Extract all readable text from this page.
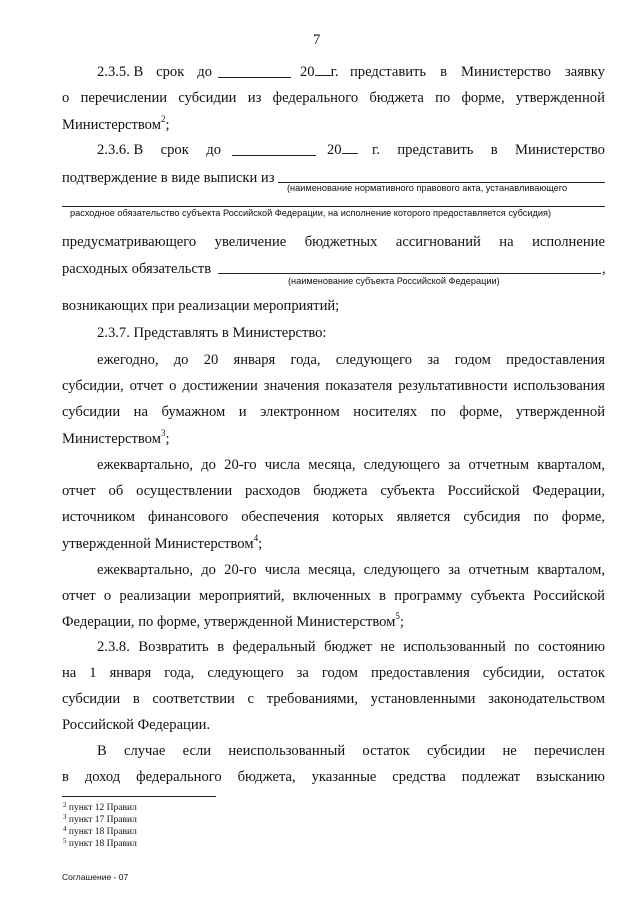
7
2.3.5. В срок до	20 г. представить в Министерство заявку
о перечислении субсидии из федерального бюджета по форме, утвержденной
Министерством$^2$;
2.3.6. В срок до	20	г. представить в Министерство
подтверждение в виде выписки из
(наименование нормативного правового акта, устанавливающего
расходное обязательство субъекта Российской Федерации, на исполнение которого предоставляется субсидия)
предусматривающего увеличение бюджетных ассигнований на исполнение
расходных обязательств	,
(наименование субъекта Российской Федерации)
возникающих при реализации мероприятий;
2.3.7. Представлять в Министерство:
ежегодно, до 20 января года, следующего за годом предоставления
субсидии, отчет о достижении значения показателя результативности использования
субсидии на бумажном и электронном носителях по форме, утвержденной
Министерством$^3$;
ежеквартально, до 20-го числа месяца, следующего за отчетным кварталом,
отчет об осуществлении расходов бюджета субъекта Российской Федерации,
источником финансового обеспечения которых является субсидия по форме,
утвержденной Министерством$^4$;
ежеквартально, до 20-го числа месяца, следующего за отчетным кварталом,
отчет о реализации мероприятий, включенных в программу субъекта Российской
Федерации, по форме, утвержденной Министерством$^5$;
2.3.8. Возвратить в федеральный бюджет не использованный по состоянию
на 1 января года, следующего за годом предоставления субсидии, остаток
субсидии в соответствии с требованиями, установленными законодательством
Российской Федерации.
В случае если неиспользованный остаток субсидии не перечислен
в доход федерального бюджета, указанные средства подлежат взысканию
$^2$ пункт 12 Правил
$^3$ пункт 17 Правил
$^4$ пункт 18 Правил
$^5$ пункт 18 Правил
Соглашение - 07
